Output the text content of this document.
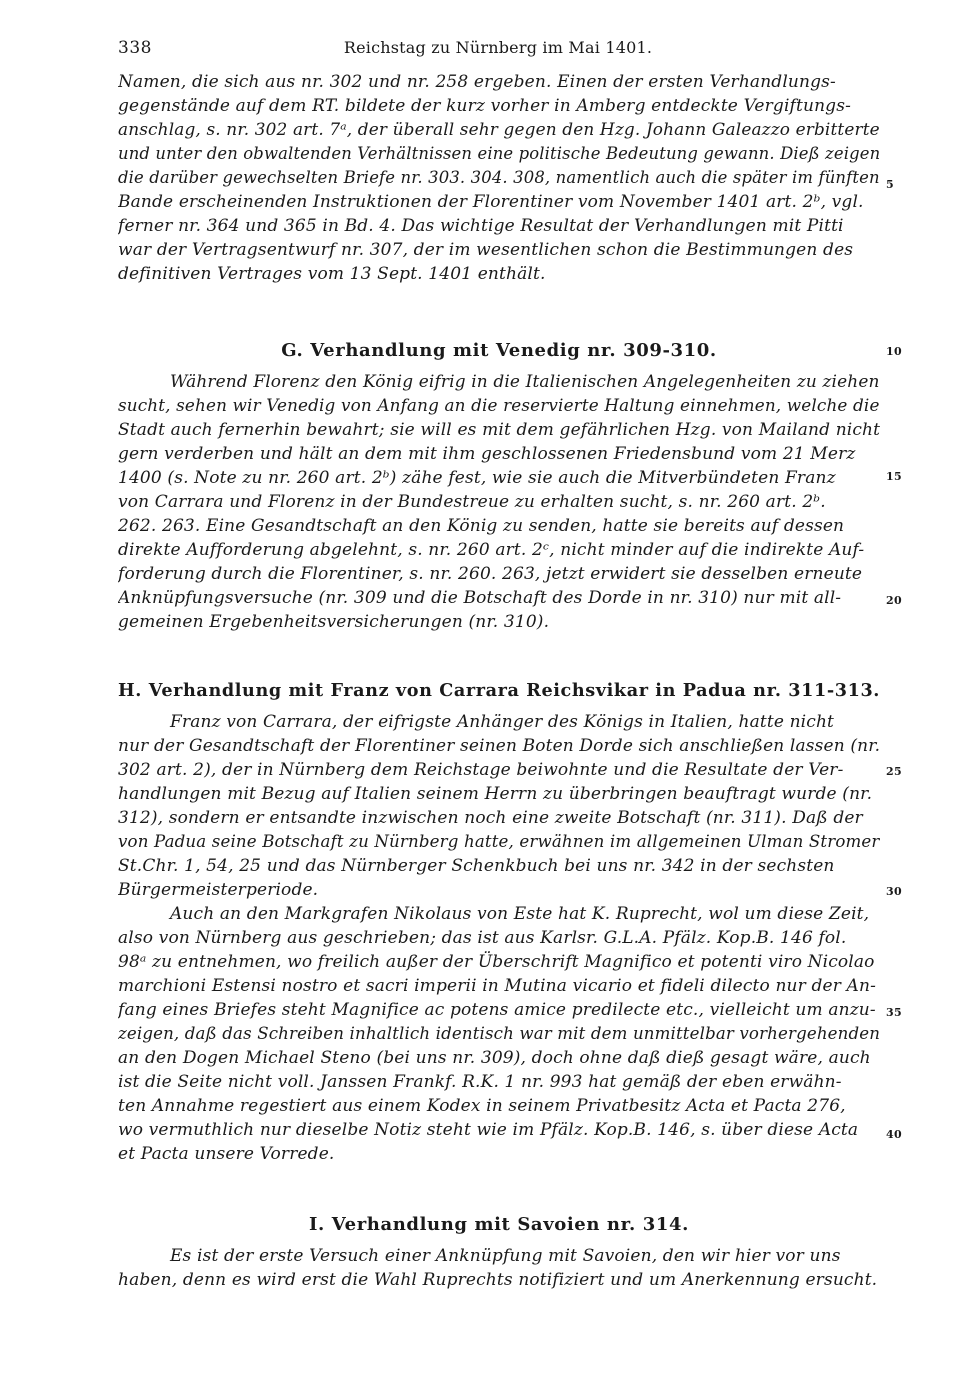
338	Reichstag zu Nürnberg im Mai 1401.
Namen, die sich aus nr. 302 und nr. 258 ergeben. Einen der ersten Verhandlungs-
gegenstände auf dem RT. bildete der kurz vorher in Amberg entdeckte Vergiftungs-
anschlag, s. nr. 302 art. 7ᵃ, der überall sehr gegen den Hzg. Johann Galeazzo erbitterte
und unter den obwaltenden Verhältnissen eine politische Bedeutung gewann. Dieß zeigen
die darüber gewechselten Briefe nr. 303. 304. 308, namentlich auch die später im fünften
Bande erscheinenden Instruktionen der Florentiner vom November 1401 art. 2ᵇ, vgl.
ferner nr. 364 und 365 in Bd. 4. Das wichtige Resultat der Verhandlungen mit Pitti
war der Vertragsentwurf nr. 307, der im wesentlichen schon die Bestimmungen des
definitiven Vertrages vom 13 Sept. 1401 enthält.
G. Verhandlung mit Venedig nr. 309-310.
Während Florenz den König eifrig in die Italienischen Angelegenheiten zu ziehen
sucht, sehen wir Venedig von Anfang an die reservierte Haltung einnehmen, welche die
Stadt auch fernerhin bewahrt; sie will es mit dem gefährlichen Hzg. von Mailand nicht
gern verderben und hält an dem mit ihm geschlossenen Friedensbund vom 21 Merz
1400 (s. Note zu nr. 260 art. 2ᵇ) zähe fest, wie sie auch die Mitverbündeten Franz
von Carrara und Florenz in der Bundestreue zu erhalten sucht, s. nr. 260 art. 2ᵇ.
262. 263. Eine Gesandtschaft an den König zu senden, hatte sie bereits auf dessen
direkte Aufforderung abgelehnt, s. nr. 260 art. 2ᶜ, nicht minder auf die indirekte Auf-
forderung durch die Florentiner, s. nr. 260. 263, jetzt erwidert sie desselben erneute
Anknüpfungsversuche (nr. 309 und die Botschaft des Dorde in nr. 310) nur mit all-
gemeinen Ergebenheitsversicherungen (nr. 310).
H. Verhandlung mit Franz von Carrara Reichsvikar in Padua nr. 311-313.
Franz von Carrara, der eifrigste Anhänger des Königs in Italien, hatte nicht
nur der Gesandtschaft der Florentiner seinen Boten Dorde sich anschließen lassen (nr.
302 art. 2), der in Nürnberg dem Reichstage beiwohnte und die Resultate der Ver-
handlungen mit Bezug auf Italien seinem Herrn zu überbringen beauftragt wurde (nr.
312), sondern er entsandte inzwischen noch eine zweite Botschaft (nr. 311). Daß der
von Padua seine Botschaft zu Nürnberg hatte, erwähnen im allgemeinen Ulman Stromer
St.Chr. 1, 54, 25 und das Nürnberger Schenkbuch bei uns nr. 342 in der sechsten
Bürgermeisterperiode.
Auch an den Markgrafen Nikolaus von Este hat K. Ruprecht, wol um diese Zeit,
also von Nürnberg aus geschrieben; das ist aus Karlsr. G.L.A. Pfälz. Kop.B. 146 fol.
98ᵃ zu entnehmen, wo freilich außer der Überschrift Magnifico et potenti viro Nicolao
marchioni Estensi nostro et sacri imperii in Mutina vicario et fideli dilecto nur der An-
fang eines Briefes steht Magnifice ac potens amice predilecte etc., vielleicht um anzu-
zeigen, daß das Schreiben inhaltlich identisch war mit dem unmittelbar vorhergehenden
an den Dogen Michael Steno (bei uns nr. 309), doch ohne daß dieß gesagt wäre, auch
ist die Seite nicht voll. Janssen Frankf. R.K. 1 nr. 993 hat gemäß der eben erwähn-
ten Annahme regestiert aus einem Kodex in seinem Privatbesitz Acta et Pacta 276,
wo vermuthlich nur dieselbe Notiz steht wie im Pfälz. Kop.B. 146, s. über diese Acta
et Pacta unsere Vorrede.
I. Verhandlung mit Savoien nr. 314.
Es ist der erste Versuch einer Anknüpfung mit Savoien, den wir hier vor uns
haben, denn es wird erst die Wahl Ruprechts notifiziert und um Anerkennung ersucht.
5
10
15
20
25
30
35
40
